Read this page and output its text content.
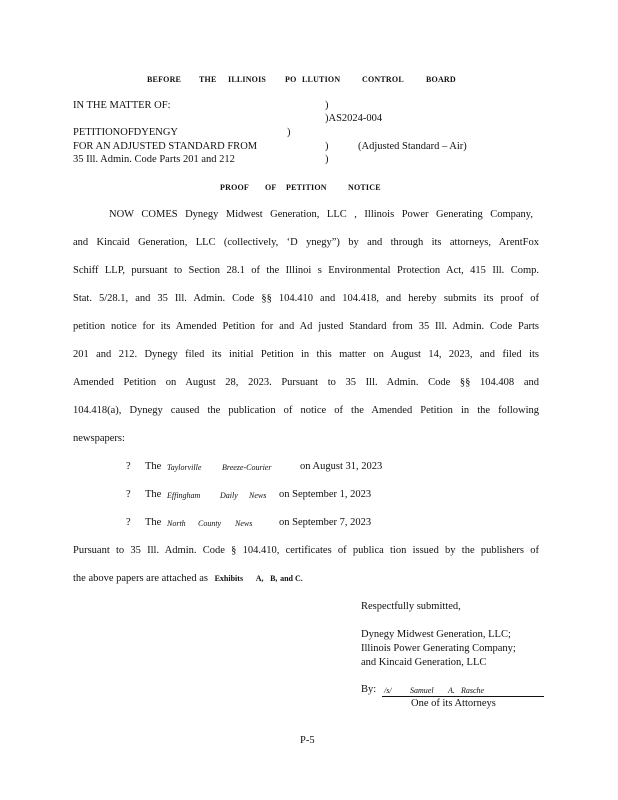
BEFORE THE ILLINOIS PO LLUTION	CONTROL	BOARD
IN THE MATTER OF:	)
)AS2024-004
PETITIONOFDYENGY	)
FOR AN ADJUSTED STANDARD FROM	)	(Adjusted Standard – Air)
35 Ill. Admin. Code Parts 201 and 212	)
PROOF OF PETITION	NOTICE
NOW COMES Dynegy Midwest Generation, LLC , Illinois Power Generating Company,
and Kincaid Generation, LLC (collectively, ‘D ynegy”) by and through its attorneys, ArentFox
Schiff LLP, pursuant to Section 28.1 of the Illinoi s Environmental Protection Act, 415 Ill. Comp.
Stat. 5/28.1, and 35 Ill. Admin. Code §§ 104.410 and 104.418, and hereby submits its proof of
petition notice for its Amended Petition for and Ad justed Standard from 35 Ill. Admin. Code Parts
201 and 212. Dynegy filed its initial Petition in this matter on August 14, 2023, and filed its
Amended Petition on August 28, 2023. Pursuant to 35 Ill. Admin. Code §§ 104.408 and
104.418(a), Dynegy caused the publication of notice of the Amended Petition in the following
newspapers:
? The Taylorville	Breeze-Courier	on August 31, 2023
? The Effingham Daily News on September 1, 2023
? The North County News	on September 7, 2023
Pursuant to 35 Ill. Admin. Code § 104.410, certificates of publica tion issued by the publishers of
the above papers are attached as Exhibits A, B, and C.
Respectfully submitted,
Dynegy Midwest Generation, LLC;
Illinois Power Generating Company;
and Kincaid Generation, LLC
By: /s/ Samuel A. Rasche
One of its Attorneys
P-5
